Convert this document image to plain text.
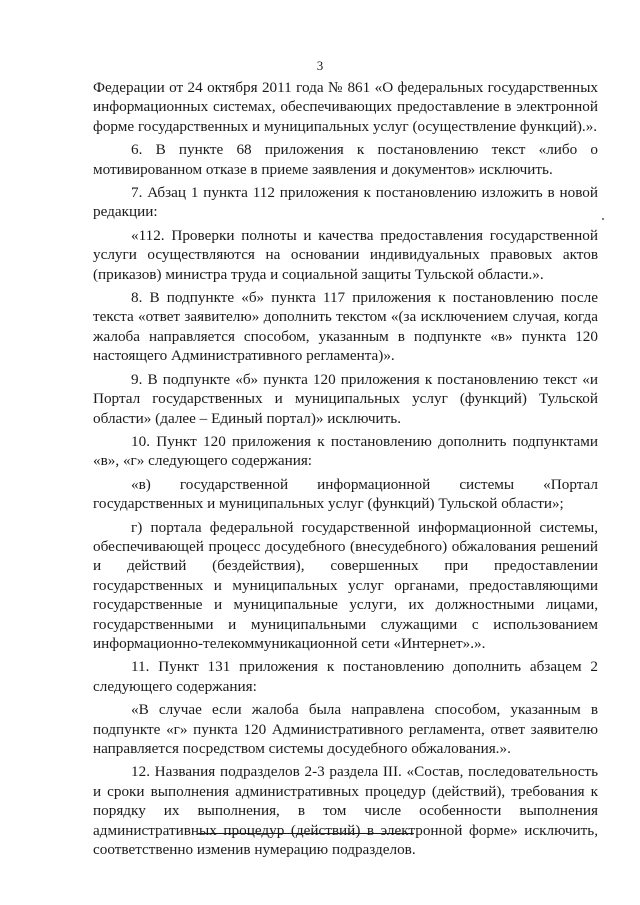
3

Федерации от 24 октября 2011 года № 861 «О федеральных государственных информационных системах, обеспечивающих предоставление в электронной форме государственных и муниципальных услуг (осуществление функций).».

6. В пункте 68 приложения к постановлению текст «либо о мотивированном отказе в приеме заявления и документов» исключить.

7. Абзац 1 пункта 112 приложения к постановлению изложить в новой редакции:

«112. Проверки полноты и качества предоставления государственной услуги осуществляются на основании индивидуальных правовых актов (приказов) министра труда и социальной защиты Тульской области.».

8. В подпункте «б» пункта 117 приложения к постановлению после текста «ответ заявителю» дополнить текстом «(за исключением случая, когда жалоба направляется способом, указанным в подпункте «в» пункта 120 настоящего Административного регламента)».

9. В подпункте «б» пункта 120 приложения к постановлению текст «и Портал государственных и муниципальных услуг (функций) Тульской области» (далее – Единый портал)» исключить.

10. Пункт 120 приложения к постановлению дополнить подпунктами «в», «г» следующего содержания:

«в) государственной информационной системы «Портал государственных и муниципальных услуг (функций) Тульской области»;

г) портала федеральной государственной информационной системы, обеспечивающей процесс досудебного (внесудебного) обжалования решений и действий (бездействия), совершенных при предоставлении государственных и муниципальных услуг органами, предоставляющими государственные и муниципальные услуги, их должностными лицами, государственными и муниципальными служащими с использованием информационно-телекоммуникационной сети «Интернет».».

11. Пункт 131 приложения к постановлению дополнить абзацем 2 следующего содержания:

«В случае если жалоба была направлена способом, указанным в подпункте «г» пункта 120 Административного регламента, ответ заявителю направляется посредством системы досудебного обжалования.».

12. Названия подразделов 2-3 раздела III. «Состав, последовательность и сроки выполнения административных процедур (действий), требования к порядку их выполнения, в том числе особенности выполнения административных процедур (действий) в электронной форме» исключить, соответственно изменив нумерацию подразделов.
